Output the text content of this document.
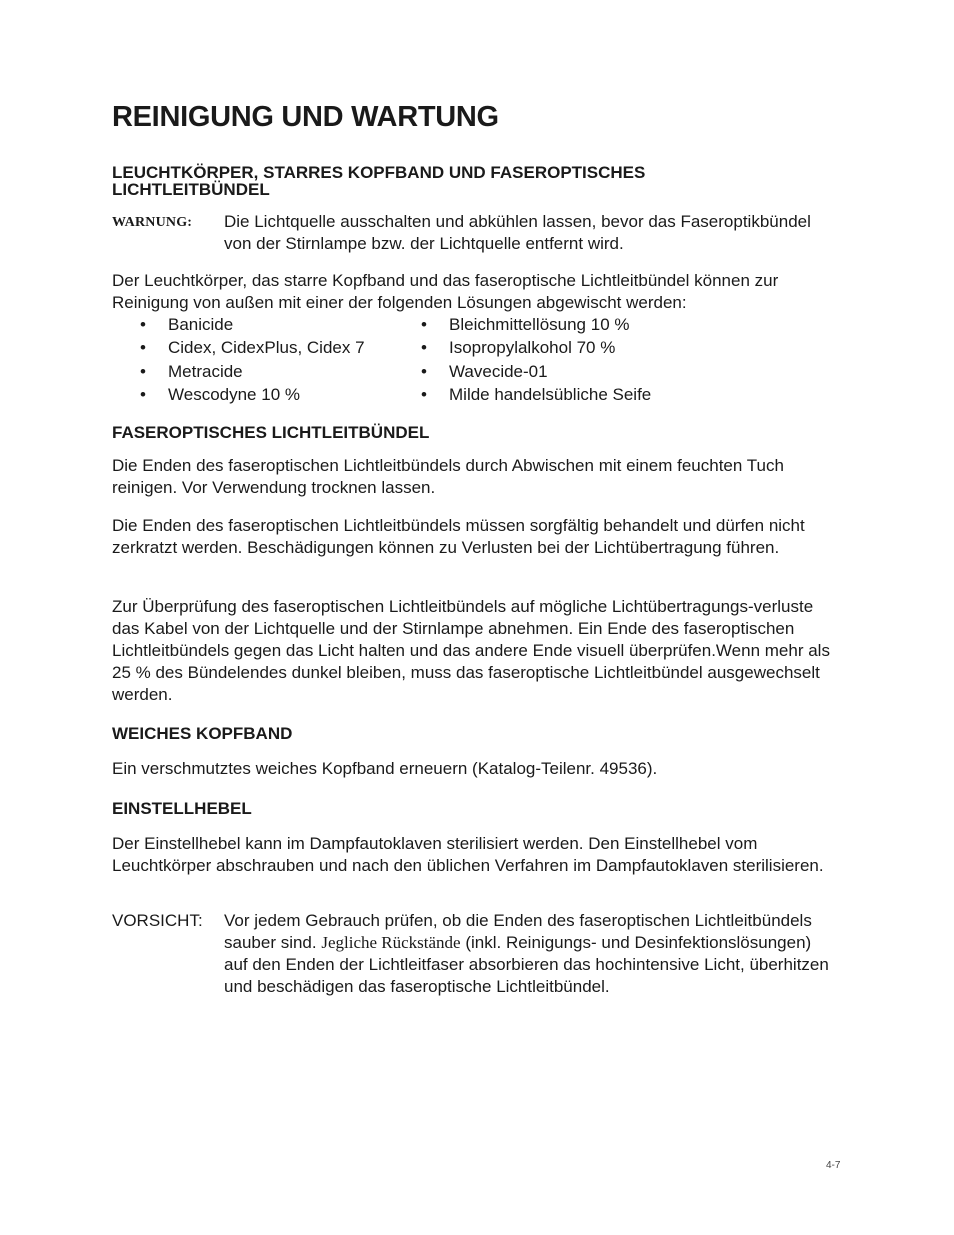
REINIGUNG UND WARTUNG
LEUCHTKÖRPER, STARRES KOPFBAND UND FASEROPTISCHES
LICHTLEITBÜNDEL
WARNUNG: Die Lichtquelle ausschalten und abkühlen lassen, bevor das Faseroptikbündel von der Stirnlampe bzw. der Lichtquelle entfernt wird.
Der Leuchtkörper, das starre Kopfband und das faseroptische Lichtleitbündel können zur Reinigung von außen mit einer der folgenden Lösungen abgewischt werden:
FASEROPTISCHES LICHTLEITBÜNDEL
Die Enden des faseroptischen Lichtleitbündels durch Abwischen mit einem feuchten Tuch reinigen. Vor Verwendung trocknen lassen.
Die Enden des faseroptischen Lichtleitbündels müssen sorgfältig behandelt und dürfen nicht zerkratzt werden. Beschädigungen können zu Verlusten bei der Lichtübertragung führen.
Zur Überprüfung des faseroptischen Lichtleitbündels auf mögliche Lichtübertragungs-verluste das Kabel von der Lichtquelle und der Stirnlampe abnehmen. Ein Ende des faseroptischen Lichtleitbündels gegen das Licht halten und das andere Ende visuell überprüfen.Wenn mehr als 25 % des Bündelendes dunkel bleiben, muss das faseroptische Lichtleitbündel ausgewechselt werden.
WEICHES KOPFBAND
Ein verschmutztes weiches Kopfband erneuern (Katalog-Teilenr. 49536).
EINSTELLHEBEL
Der Einstellhebel kann im Dampfautoklaven sterilisiert werden. Den Einstellhebel vom Leuchtkörper abschrauben und nach den üblichen Verfahren im Dampfautoklaven sterilisieren.
VORSICHT: Vor jedem Gebrauch prüfen, ob die Enden des faseroptischen Lichtleitbündels sauber sind. Jegliche Rückstände (inkl. Reinigungs- und Desinfektionslösungen) auf den Enden der Lichtleitfaser absorbieren das hochintensive Licht, überhitzen und beschädigen das faseroptische Lichtleitbündel.
• Banicide
• Cidex, CidexPlus, Cidex 7
• Metracide
• Wescodyne 10 %
• Bleichmittellösung 10 %
• Isopropylalkohol 70 %
• Wavecide-01
• Milde handelsübliche Seife
4-7
